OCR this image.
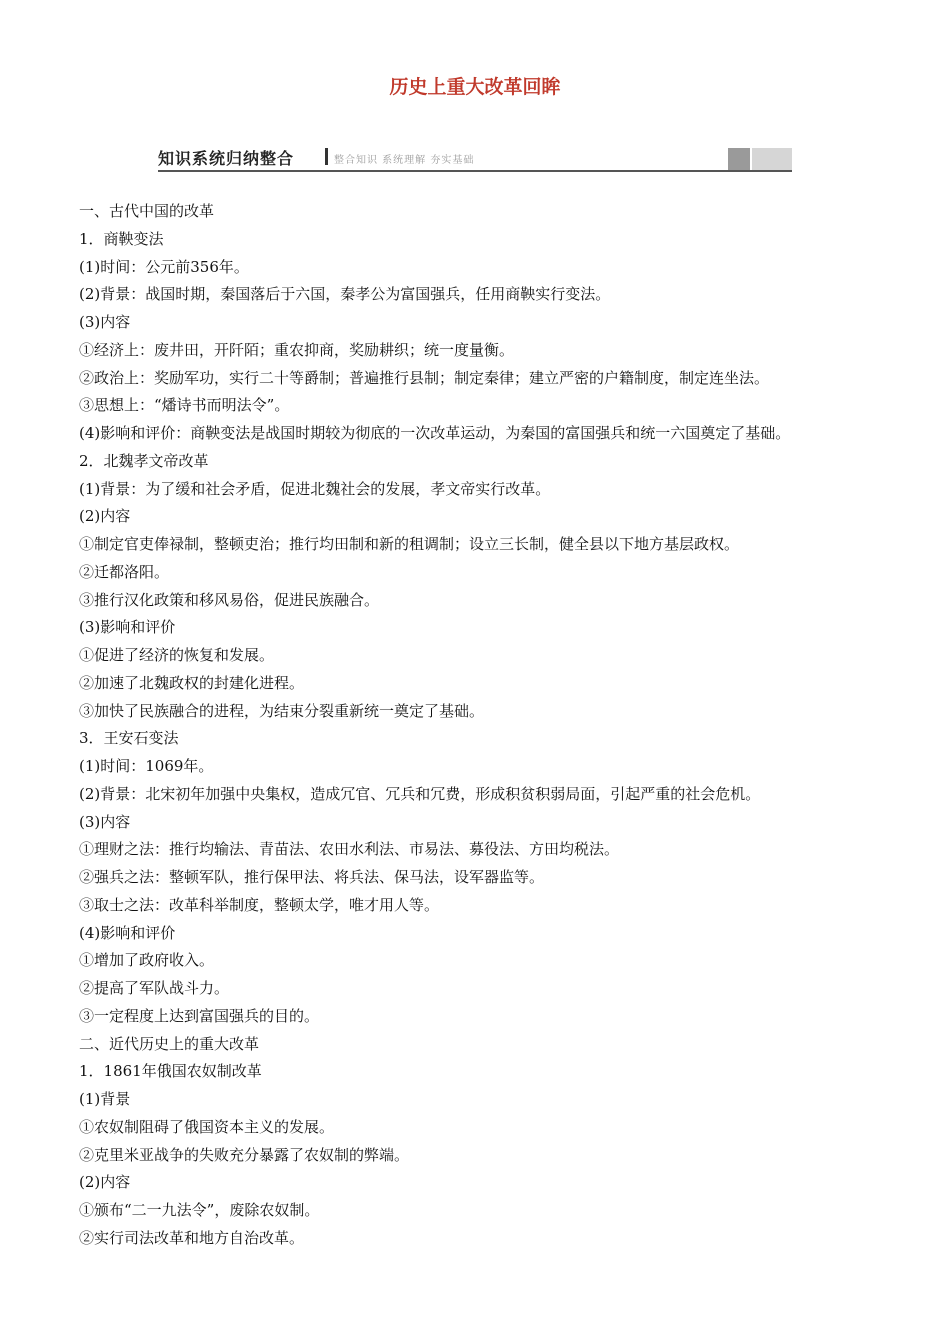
历史上重大改革回眸
知识系统归纳整合	整合知识 系统理解 夯实基础
一、古代中国的改革
1．商鞅变法
(1)时间：公元前356年。
(2)背景：战国时期，秦国落后于六国，秦孝公为富国强兵，任用商鞅实行变法。
(3)内容
①经济上：废井田，开阡陌；重农抑商，奖励耕织；统一度量衡。
②政治上：奖励军功，实行二十等爵制；普遍推行县制；制定秦律；建立严密的户籍制度，制定连坐法。
③思想上：“燔诗书而明法令”。
(4)影响和评价：商鞅变法是战国时期较为彻底的一次改革运动，为秦国的富国强兵和统一六国奠定了基础。
2．北魏孝文帝改革
(1)背景：为了缓和社会矛盾，促进北魏社会的发展，孝文帝实行改革。
(2)内容
①制定官吏俸禄制，整顿吏治；推行均田制和新的租调制；设立三长制，健全县以下地方基层政权。
②迁都洛阳。
③推行汉化政策和移风易俗，促进民族融合。
(3)影响和评价
①促进了经济的恢复和发展。
②加速了北魏政权的封建化进程。
③加快了民族融合的进程，为结束分裂重新统一奠定了基础。
3．王安石变法
(1)时间：1069年。
(2)背景：北宋初年加强中央集权，造成冗官、冗兵和冗费，形成积贫积弱局面，引起严重的社会危机。
(3)内容
①理财之法：推行均输法、青苗法、农田水利法、市易法、募役法、方田均税法。
②强兵之法：整顿军队，推行保甲法、将兵法、保马法，设军器监等。
③取士之法：改革科举制度，整顿太学，唯才用人等。
(4)影响和评价
①增加了政府收入。
②提高了军队战斗力。
③一定程度上达到富国强兵的目的。
二、近代历史上的重大改革
1．1861年俄国农奴制改革
(1)背景
①农奴制阻碍了俄国资本主义的发展。
②克里米亚战争的失败充分暴露了农奴制的弊端。
(2)内容
①颁布“二一九法令”，废除农奴制。
②实行司法改革和地方自治改革。
